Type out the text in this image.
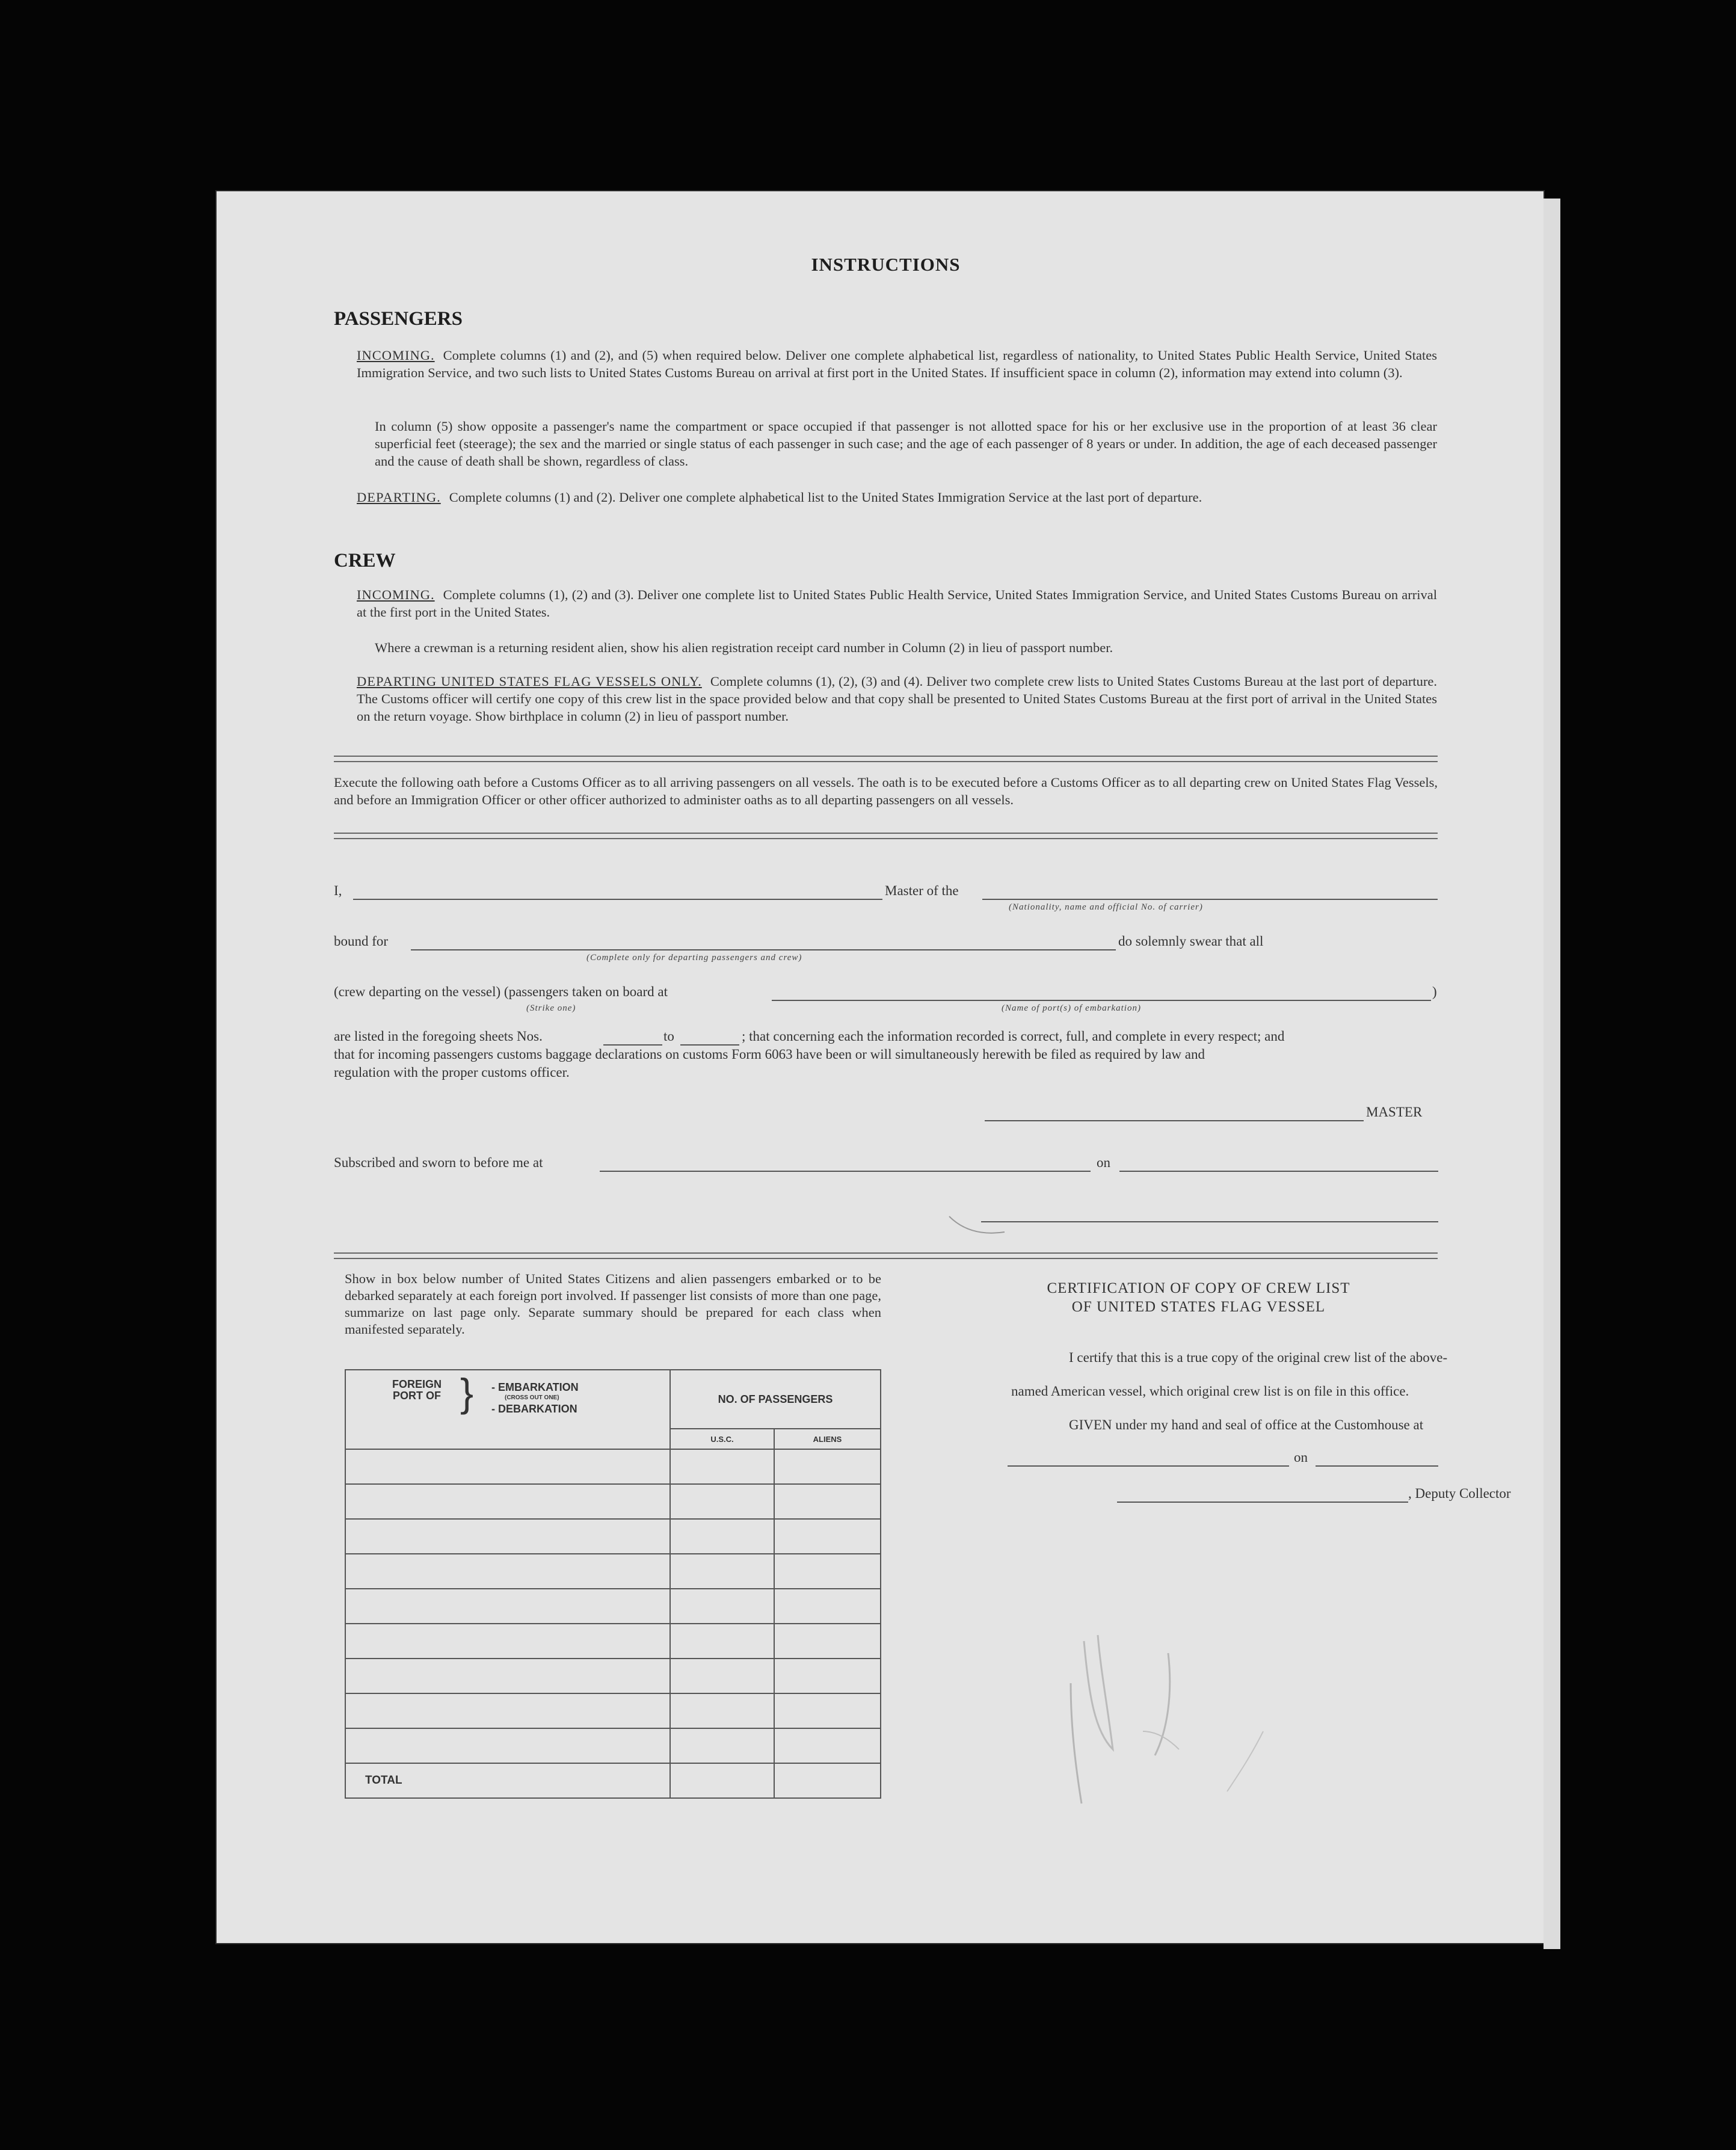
INSTRUCTIONS
PASSENGERS
INCOMING. Complete columns (1) and (2), and (5) when required below. Deliver one complete alphabetical list, regardless of nationality, to United States Public Health Service, United States Immigration Service, and two such lists to United States Customs Bureau on arrival at first port in the United States. If insufficient space in column (2), information may extend into column (3).
In column (5) show opposite a passenger's name the compartment or space occupied if that passenger is not allotted space for his or her exclusive use in the proportion of at least 36 clear superficial feet (steerage); the sex and the married or single status of each passenger in such case; and the age of each passenger of 8 years or under. In addition, the age of each deceased passenger and the cause of death shall be shown, regardless of class.
DEPARTING. Complete columns (1) and (2). Deliver one complete alphabetical list to the United States Immigration Service at the last port of departure.
CREW
INCOMING. Complete columns (1), (2) and (3). Deliver one complete list to United States Public Health Service, United States Immigration Service, and United States Customs Bureau on arrival at the first port in the United States.
Where a crewman is a returning resident alien, show his alien registration receipt card number in Column (2) in lieu of passport number.
DEPARTING UNITED STATES FLAG VESSELS ONLY. Complete columns (1), (2), (3) and (4). Deliver two complete crew lists to United States Customs Bureau at the last port of departure. The Customs officer will certify one copy of this crew list in the space provided below and that copy shall be presented to United States Customs Bureau at the first port of arrival in the United States on the return voyage. Show birthplace in column (2) in lieu of passport number.
Execute the following oath before a Customs Officer as to all arriving passengers on all vessels. The oath is to be executed before a Customs Officer as to all departing crew on United States Flag Vessels, and before an Immigration Officer or other officer authorized to administer oaths as to all departing passengers on all vessels.
I,	Master of the
(Nationality, name and official No. of carrier)
bound for
(Complete only for departing passengers and crew)
do solemnly swear that all
(crew departing on the vessel) (passengers taken on board at	)
(Strike one)	(Name of port(s) of embarkation)
are listed in the foregoing sheets Nos.	to	; that concerning each the information recorded is correct, full, and complete in every respect; and
that for incoming passengers customs baggage declarations on customs Form 6063 have been or will simultaneously herewith be filed as required by law and
regulation with the proper customs officer.
MASTER
Subscribed and sworn to before me at	on
Show in box below number of United States Citizens and alien passengers embarked or to be debarked separately at each foreign port involved. If passenger list consists of more than one page, summarize on last page only. Separate summary should be prepared for each class when manifested separately.
FOREIGN PORT OF } - EMBARKATION
(CROSS OUT ONE)
- DEBARKATION	NO. OF PASSENGERS	
	U.S.C.	ALIENS

TOTAL		
CERTIFICATION OF COPY OF CREW LIST
OF UNITED STATES FLAG VESSEL
I certify that this is a true copy of the original crew list of the above-
named American vessel, which original crew list is on file in this office.
GIVEN under my hand and seal of office at the Customhouse at
on
, Deputy Collector
